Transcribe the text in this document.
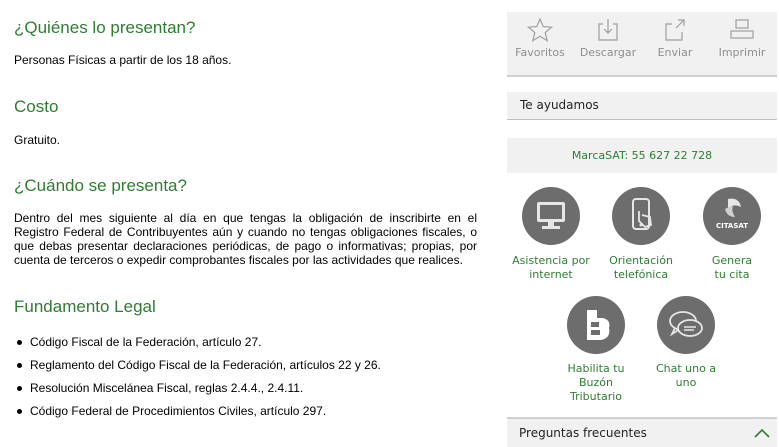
¿Quiénes lo presentan?

Personas Físicas a partir de los 18 años.

Costo

Gratuito.

¿Cuándo se presenta?

Dentro del mes siguiente al día en que tengas la obligación de inscribirte en el Registro Federal de Contribuyentes aún y cuando no tengas obligaciones fiscales, o que debas presentar declaraciones periódicas, de pago o informativas; propias, por cuenta de terceros o expedir comprobantes fiscales por las actividades que realices.

Fundamento Legal
Código Fiscal de la Federación, artículo 27.
Reglamento del Código Fiscal de la Federación, artículos 22 y 26.
Resolución Miscelánea Fiscal, reglas 2.4.4., 2.4.11.
Código Federal de Procedimientos Civiles, artículo 297.
Favoritos	Descargar	Enviar	Imprimir
Te ayudamos
MarcaSAT: 55 627 22 728
Asistencia por
internet
Orientación
telefónica
CITASAT
Genera
tu cita
Habilita tu
Buzón Tributario
Chat uno a
uno
Preguntas frecuentes
